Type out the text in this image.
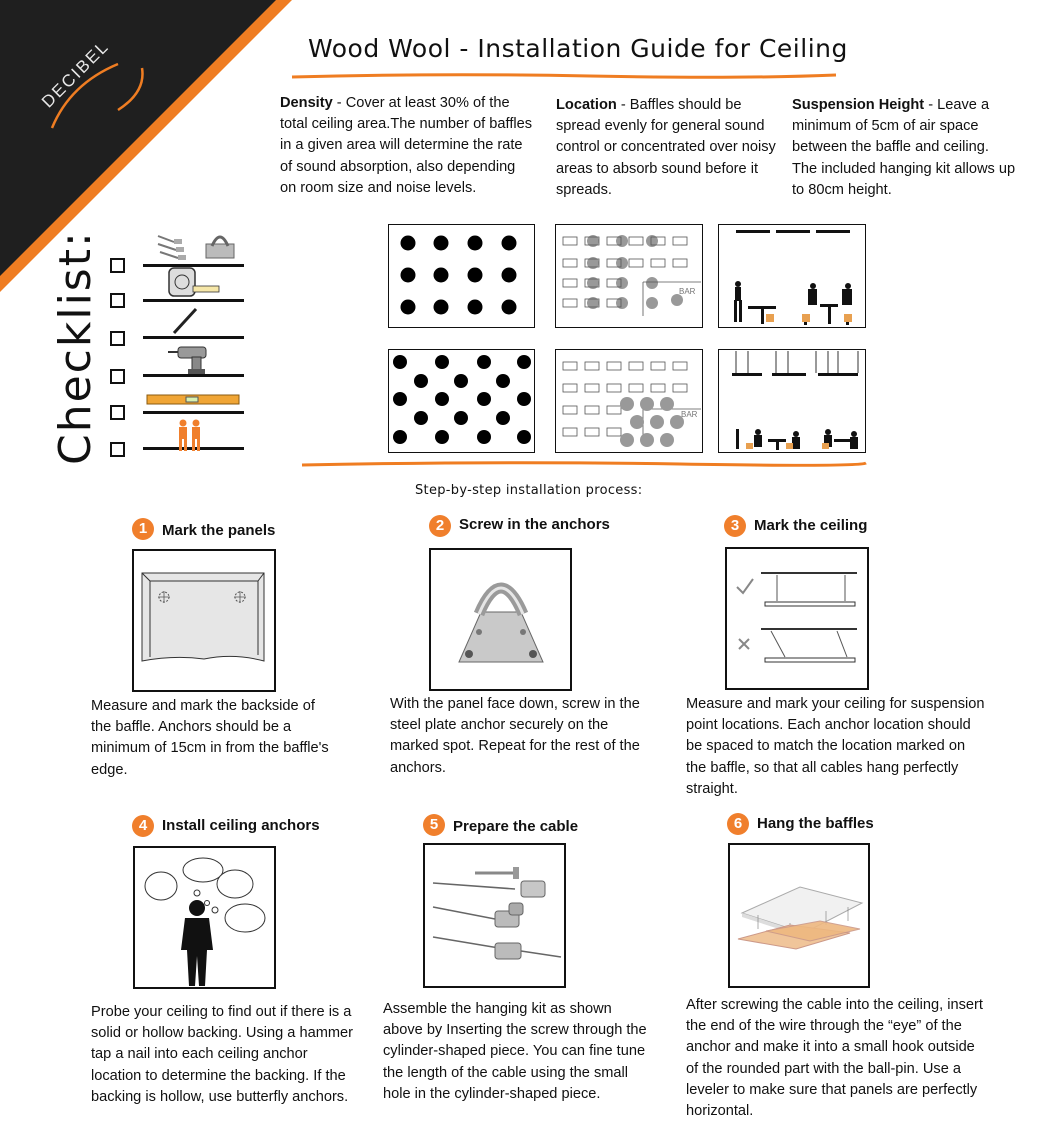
DECIBEL	Wood Wool - Installation Guide for Ceiling
Density - Cover at least 30% of the total ceiling area.The number of baffles in a given area will determine the rate of sound absorption, also depending on room size and noise levels.
Location - Baffles should be spread evenly for general sound control or concentrated over noisy areas to absorb sound before it spreads.
Suspension Height - Leave a minimum of 5cm of air space between the baffle and ceiling. The included hanging kit allows up to 80cm height.
BAR
BAR
Checklist:
Step-by-step installation process:
1 Mark the panels
Measure and mark the backside of the baffle. Anchors should be a minimum of 15cm in from the baffle's edge.
2 Screw in the anchors
With the panel face down, screw in the steel plate anchor securely on the marked spot. Repeat for the rest of the anchors.
3 Mark the ceiling
Measure and mark your ceiling for suspension point locations. Each anchor location should be spaced to match the location marked on the baffle, so that all cables hang perfectly straight.
4 Install ceiling anchors
Probe your ceiling to find out if there is a solid or hollow backing. Using a hammer tap a nail into each ceiling anchor location to determine the backing. If the backing is hollow, use butterfly anchors.
5 Prepare the cable
Assemble the hanging kit as shown above by Inserting the screw through the cylinder-shaped piece. You can fine tune the length of the cable using the small hole in the cylinder-shaped piece.
6 Hang the baffles
After screwing the cable into the ceiling, insert the end of the wire through the “eye” of the anchor and make it into a small hook outside of the rounded part with the ball-pin. Use a leveler to make sure that panels are perfectly horizontal.
